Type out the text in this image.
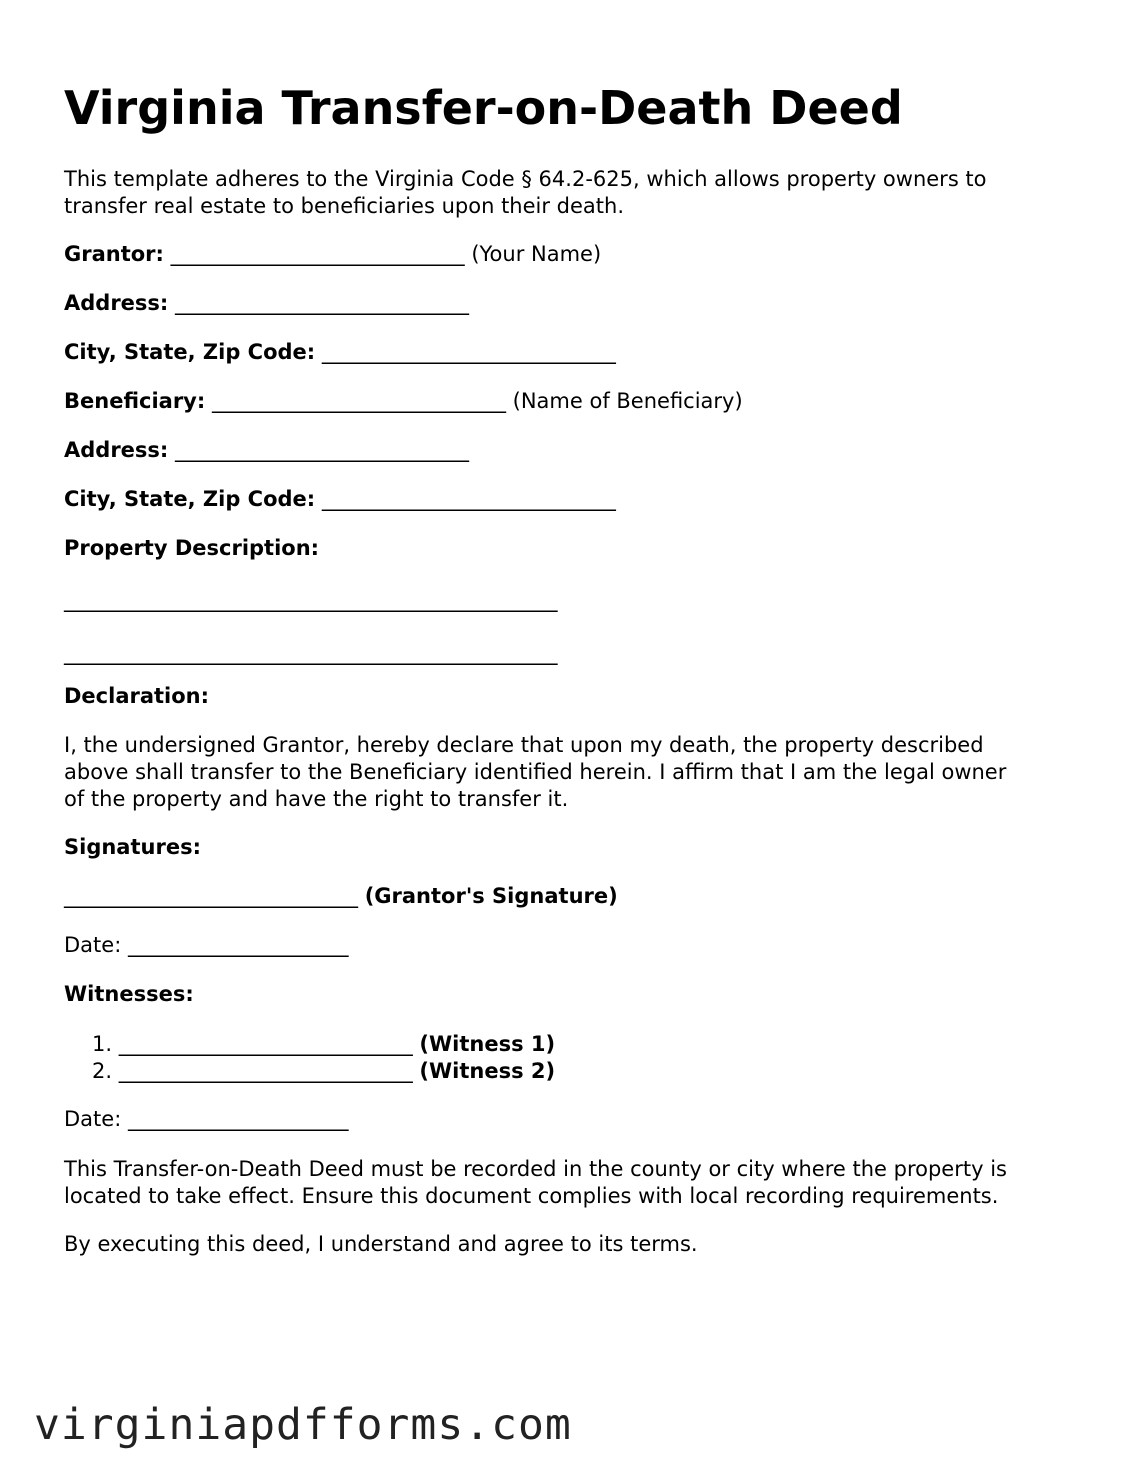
Virginia Transfer-on-Death Deed
This template adheres to the Virginia Code § 64.2-625, which allows property owners to
transfer real estate to beneficiaries upon their death.
Grantor: ____________________________ (Your Name)
Address: ____________________________
City, State, Zip Code: ____________________________
Beneficiary: ____________________________ (Name of Beneficiary)
Address: ____________________________
City, State, Zip Code: ____________________________
Property Description:
_______________________________________________
_______________________________________________
Declaration:
I, the undersigned Grantor, hereby declare that upon my death, the property described
above shall transfer to the Beneficiary identified herein. I affirm that I am the legal owner
of the property and have the right to transfer it.
Signatures:
____________________________ (Grantor's Signature)
Date: _____________________
Witnesses:
1. ____________________________ (Witness 1)
2. ____________________________ (Witness 2)
Date: _____________________
This Transfer-on-Death Deed must be recorded in the county or city where the property is
located to take effect. Ensure this document complies with local recording requirements.
By executing this deed, I understand and agree to its terms.
virginiapdfforms.com
